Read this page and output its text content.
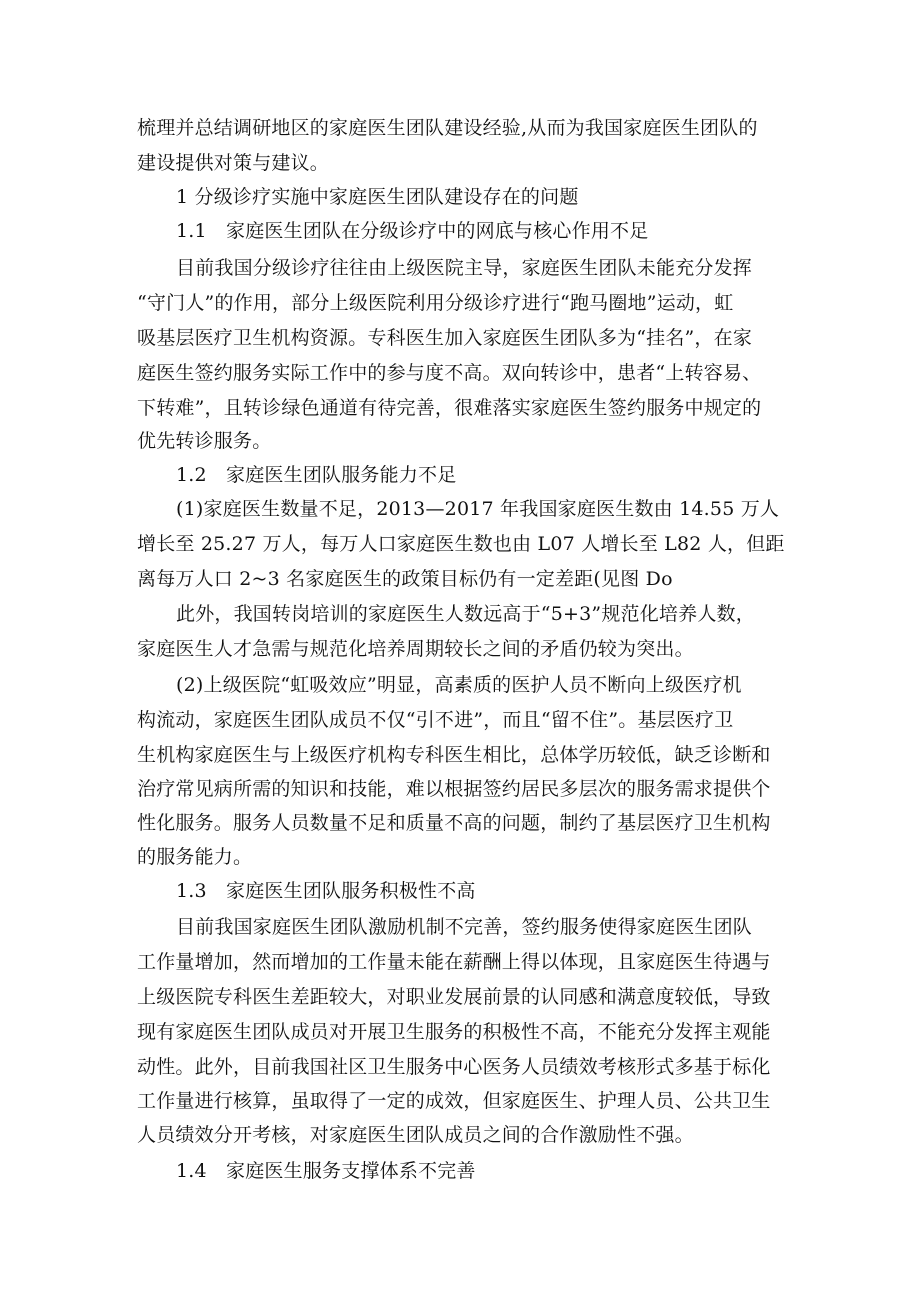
梳理并总结调研地区的家庭医生团队建设经验,从而为我国家庭医生团队的
建设提供对策与建议。
1 分级诊疗实施中家庭医生团队建设存在的问题
1.1　家庭医生团队在分级诊疗中的网底与核心作用不足
目前我国分级诊疗往往由上级医院主导，家庭医生团队未能充分发挥
“守门人”的作用，部分上级医院利用分级诊疗进行“跑马圈地”运动，虹
吸基层医疗卫生机构资源。专科医生加入家庭医生团队多为“挂名”，在家
庭医生签约服务实际工作中的参与度不高。双向转诊中，患者“上转容易、
下转难”，且转诊绿色通道有待完善，很难落实家庭医生签约服务中规定的
优先转诊服务。
1.2　家庭医生团队服务能力不足
(1)家庭医生数量不足，2013—2017 年我国家庭医生数由 14.55 万人
增长至 25.27 万人，每万人口家庭医生数也由 L07 人增长至 L82 人，但距
离每万人口 2~3 名家庭医生的政策目标仍有一定差距(见图 Do
此外，我国转岗培训的家庭医生人数远高于“5+3”规范化培养人数，
家庭医生人才急需与规范化培养周期较长之间的矛盾仍较为突出。
(2)上级医院“虹吸效应”明显，高素质的医护人员不断向上级医疗机
构流动，家庭医生团队成员不仅“引不进”，而且“留不住”。基层医疗卫
生机构家庭医生与上级医疗机构专科医生相比，总体学历较低，缺乏诊断和
治疗常见病所需的知识和技能，难以根据签约居民多层次的服务需求提供个
性化服务。服务人员数量不足和质量不高的问题，制约了基层医疗卫生机构
的服务能力。
1.3　家庭医生团队服务积极性不高
目前我国家庭医生团队激励机制不完善，签约服务使得家庭医生团队
工作量增加，然而增加的工作量未能在薪酬上得以体现，且家庭医生待遇与
上级医院专科医生差距较大，对职业发展前景的认同感和满意度较低，导致
现有家庭医生团队成员对开展卫生服务的积极性不高，不能充分发挥主观能
动性。此外，目前我国社区卫生服务中心医务人员绩效考核形式多基于标化
工作量进行核算，虽取得了一定的成效，但家庭医生、护理人员、公共卫生
人员绩效分开考核，对家庭医生团队成员之间的合作激励性不强。
1.4　家庭医生服务支撑体系不完善
